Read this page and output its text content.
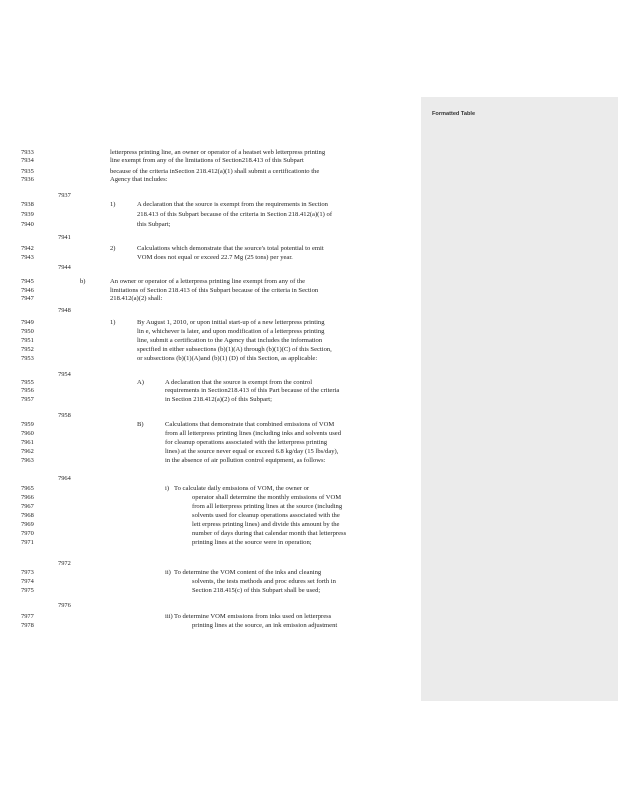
Formatted Table
7933
7934
7935
7936
7938
7939
7940
7942
7943
7945
7946
7947
7949
7950
7951
7952
7953
7955
7956
7957
7959
7960
7961
7962
7963
7965
7966
7967
7968
7969
7970
7971
7973
7974
7975
7977
7978
7937
7941
7944
7948
7954
7958
7964
7972
7976
1)
2)
b)
1)
A)
B)
i)
ii)
iii)
letterpress printing line, an owner or operator of a heatset web letterpress printing
line exempt from any of the limitations of Section218.413 of this Subpart
because of the criteria inSection 218.412(a)(1) shall submit a certificationto the
Agency that includes:
A declaration that the source is exempt from the requirements in Section
218.413 of this Subpart because of the criteria in Section 218.412(a)(1) of
this Subpart;
Calculations which demonstrate that the source's total potential to emit
VOM does not equal or exceed 22.7 Mg (25 tons) per year.
An owner or operator of a letterpress printing line exempt from any of the
limitations of Section 218.413 of this Subpart because of the criteria in Section
218.412(a)(2) shall:
By August 1, 2010, or upon initial start-up of a new letterpress printing
lin e, whichever is later, and upon modification of a letterpress printing
line, submit a certification to the Agency that includes the information
specified in either subsections (b)(1)(A) through (b)(1)(C) of this Section,
or subsections (b)(1)(A)and (b)(1) (D) of this Section, as applicable:
A declaration that the source is exempt from the control
requirements in Section218.413 of this Part because of the criteria
in Section 218.412(a)(2) of this Subpart;
Calculations that demonstrate that combined emissions of VOM
from all letterpress printing lines (including inks and solvents used
for cleanup operations associated with the letterpress printing
lines) at the source never equal or exceed 6.8 kg/day (15 lbs/day),
in the absence of air pollution control equipment, as follows:
To calculate daily emissions of VOM, the owner or
operator shall determine the monthly emissions of VOM
from all letterpress printing lines at the source (including
solvents used for cleanup operations associated with the
lett erpress printing lines) and divide this amount by the
number of days during that calendar month that letterpress
printing lines at the source were in operation;
To determine the VOM content of the inks and cleaning
solvents, the tests methods and proc edures set forth in
Section 218.415(c) of this Subpart shall be used;
To determine VOM emissions from inks used on letterpress
printing lines at the source, an ink emission adjustment
